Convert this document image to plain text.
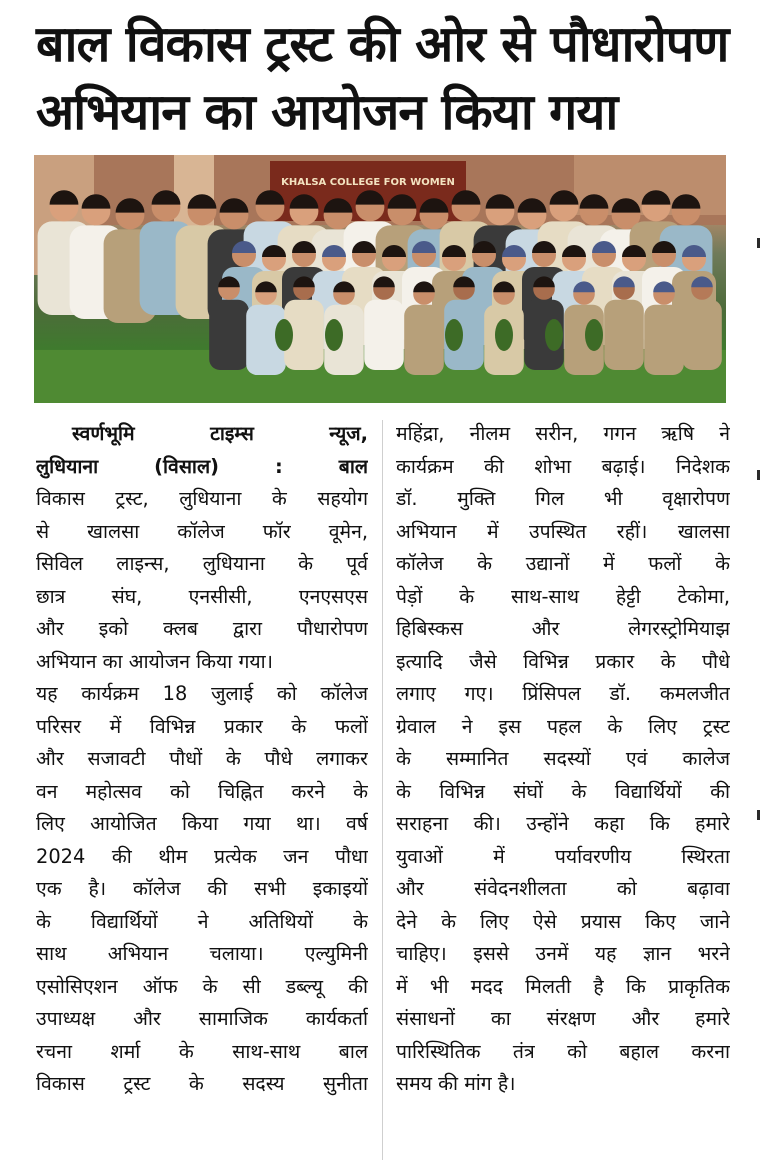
बाल विकास ट्रस्ट की ओर से पौधारोपण
अभियान का आयोजन किया गया
KHALSA COLLEGE FOR WOMEN
स्वर्णभूमि टाइम्स न्यूज,
लुधियाना (विसाल) : बाल
विकास ट्रस्ट, लुधियाना के सहयोग
से खालसा कॉलेज फॉर वूमेन,
सिविल लाइन्स, लुधियाना के पूर्व
छात्र संघ, एनसीसी, एनएसएस
और इको क्लब द्वारा पौधारोपण
अभियान का आयोजन किया गया।
यह कार्यक्रम 18 जुलाई को कॉलेज
परिसर में विभिन्न प्रकार के फलों
और सजावटी पौधों के पौधे लगाकर
वन महोत्सव को चिह्नित करने के
लिए आयोजित किया गया था। वर्ष
2024 की थीम प्रत्येक जन पौधा
एक है। कॉलेज की सभी इकाइयों
के विद्यार्थियों ने अतिथियों के
साथ अभियान चलाया। एल्युमिनी
एसोसिएशन ऑफ के सी डब्ल्यू की
उपाध्यक्ष और सामाजिक कार्यकर्ता
रचना शर्मा के साथ-साथ बाल
विकास ट्रस्ट के सदस्य सुनीता
महिंद्रा, नीलम सरीन, गगन ऋषि ने
कार्यक्रम की शोभा बढ़ाई। निदेशक
डॉ. मुक्ति गिल भी वृक्षारोपण
अभियान में उपस्थित रहीं। खालसा
कॉलेज के उद्यानों में फलों के
पेड़ों के साथ-साथ हेट्टी टेकोमा,
हिबिस्कस और लेगरस्ट्रोमियाझ
इत्यादि जैसे विभिन्न प्रकार के पौधे
लगाए गए। प्रिंसिपल डॉ. कमलजीत
ग्रेवाल ने इस पहल के लिए ट्रस्ट
के सम्मानित सदस्यों एवं कालेज
के विभिन्न संघों के विद्यार्थियों की
सराहना की। उन्होंने कहा कि हमारे
युवाओं में पर्यावरणीय स्थिरता
और संवेदनशीलता को बढ़ावा
देने के लिए ऐसे प्रयास किए जाने
चाहिए। इससे उनमें यह ज्ञान भरने
में भी मदद मिलती है कि प्राकृतिक
संसाधनों का संरक्षण और हमारे
पारिस्थितिक तंत्र को बहाल करना
समय की मांग है।
